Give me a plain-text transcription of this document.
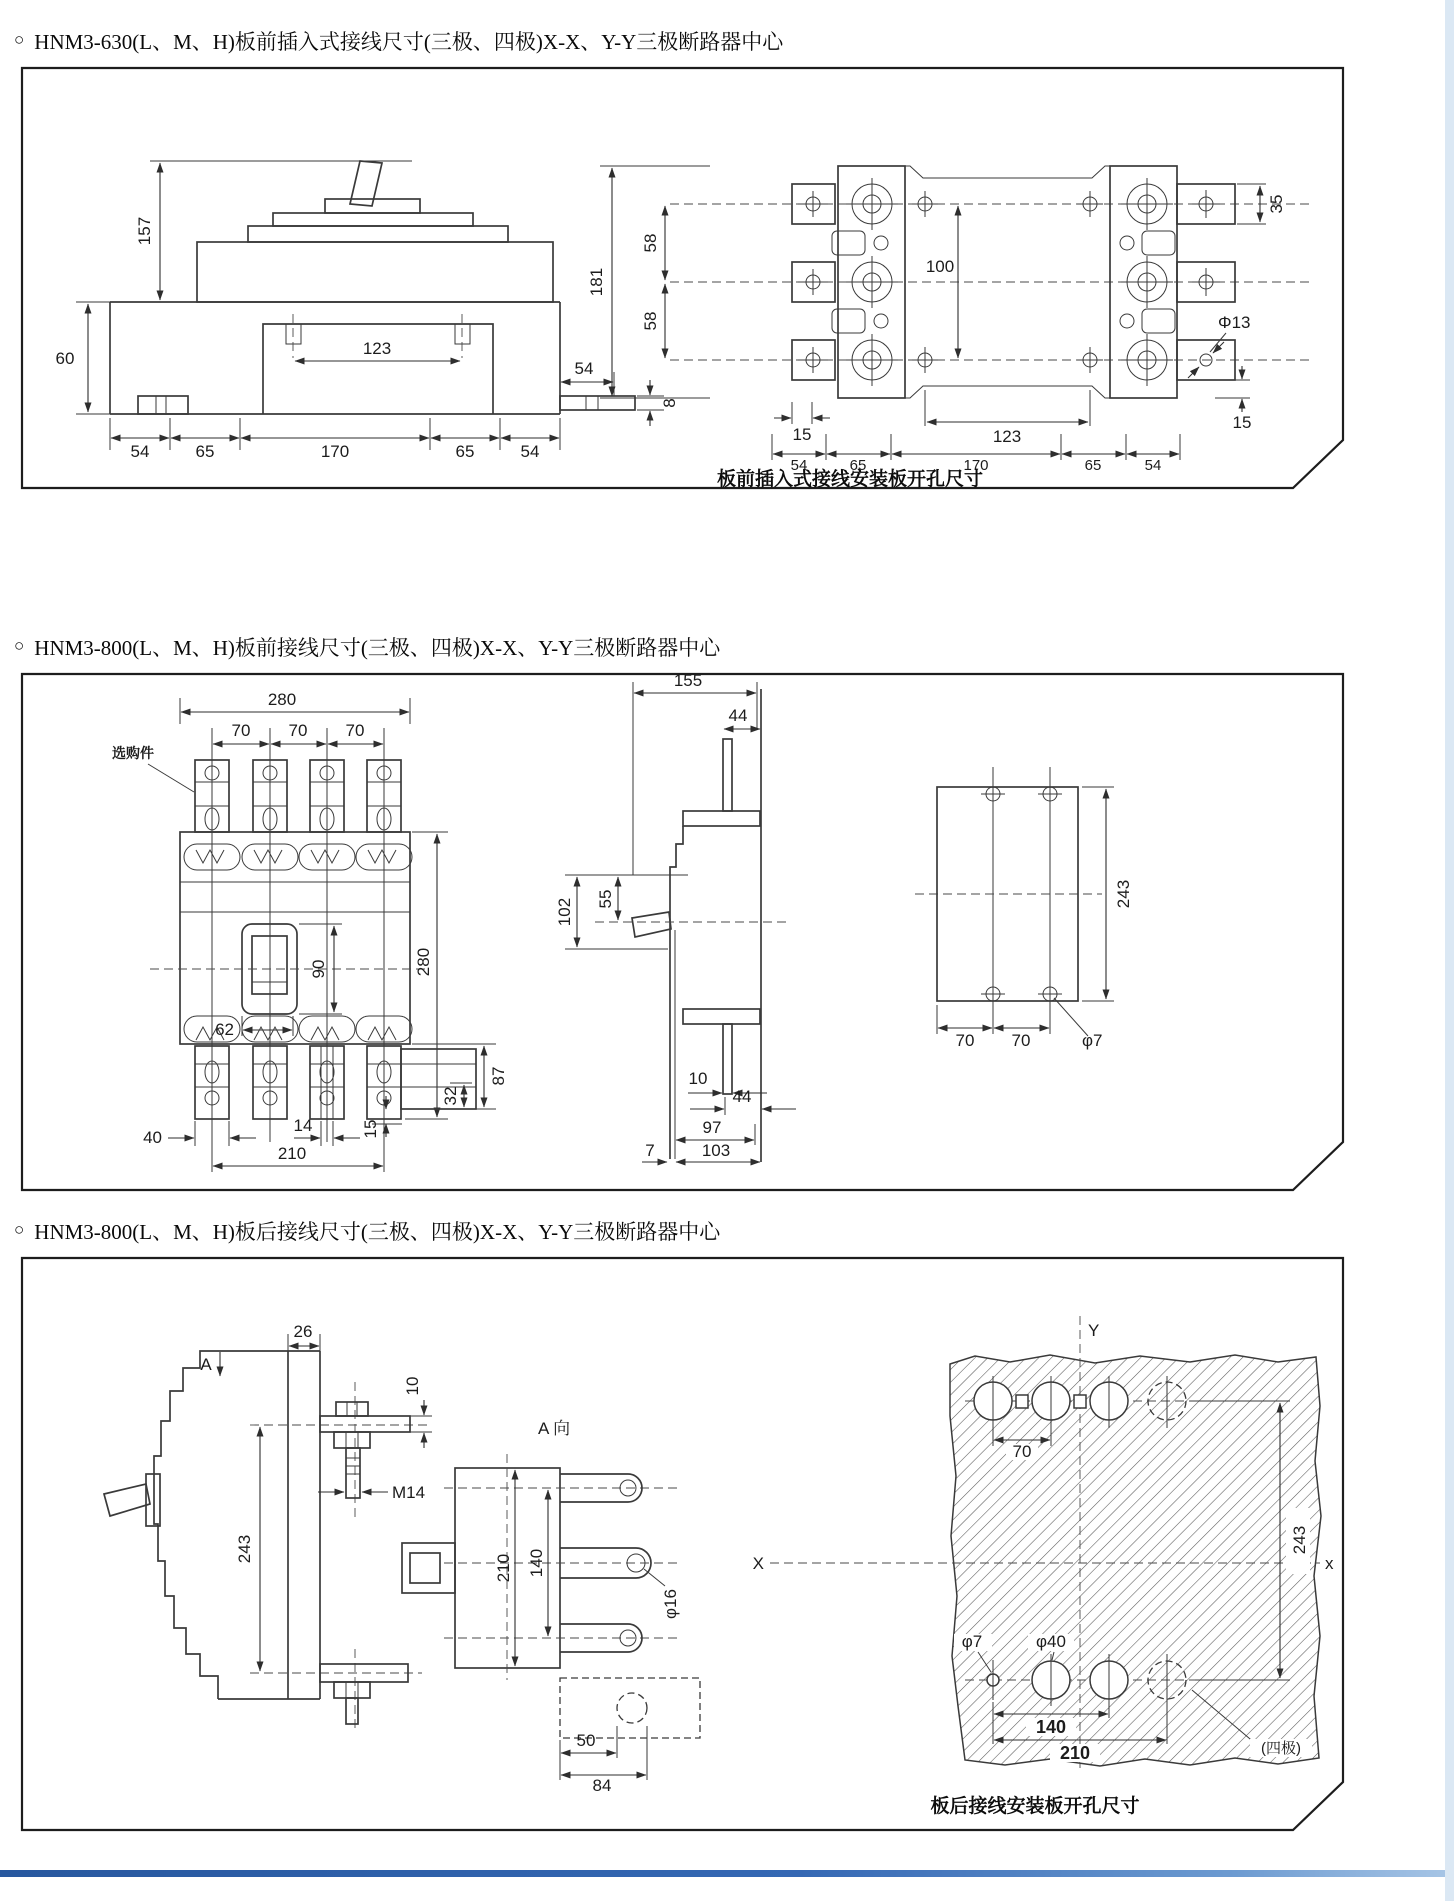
○ HNM3-630(L、M、H)板前插入式接线尺寸(三极、四极)X-X、Y-Y三极断路器中心
157
60
123
54
8
54	65	170	65	54
181
58
58
100
35
Φ13
15
15	123
54	65	170	65	54
板前插入式接线安装板开孔尺寸
○ HNM3-800(L、M、H)板前接线尺寸(三极、四极)X-X、Y-Y三极断路器中心
280
70 70 70
选购件
90
62
280
87
32
15
40
14
210
155
44
102 55
10
44
97
7	103
243
70 70	φ7
○ HNM3-800(L、M、H)板后接线尺寸(三极、四极)X-X、Y-Y三极断路器中心
A
26
M14
10
243
A 向
210 140
φ16
50
84
Y
X	x
70
243
φ7	φ40
140
210	(四极)
板后接线安装板开孔尺寸
